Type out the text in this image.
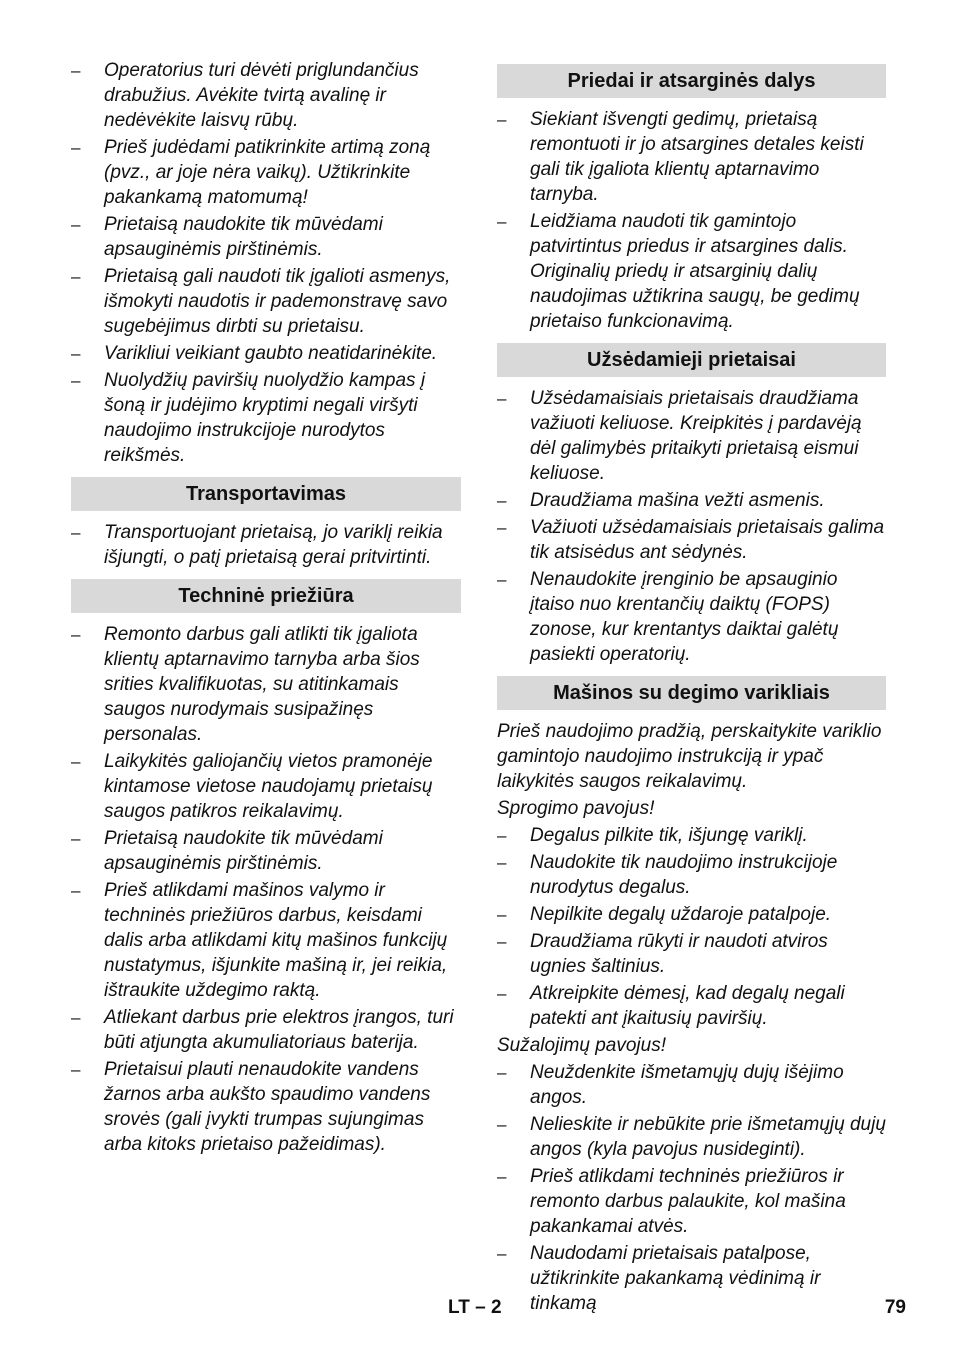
– Operatorius turi dėvėti priglundančius drabužius. Avėkite tvirtą avalinę ir nedėvėkite laisvų rūbų.
– Prieš judėdami patikrinkite artimą zoną (pvz., ar joje nėra vaikų). Užtikrinkite pakankamą matomumą!
– Prietaisą naudokite tik mūvėdami apsauginėmis pirštinėmis.
– Prietaisą gali naudoti tik įgalioti asmenys, išmokyti naudotis ir pademonstravę savo sugebėjimus dirbti su prietaisu.
– Varikliui veikiant gaubto neatidarinėkite.
– Nuolydžių paviršių nuolydžio kampas į šoną ir judėjimo kryptimi negali viršyti naudojimo instrukcijoje nurodytos reikšmės.
Transportavimas
– Transportuojant prietaisą, jo variklį reikia išjungti, o patį prietaisą gerai pritvirtinti.
Techninė priežiūra
– Remonto darbus gali atlikti tik įgaliota klientų aptarnavimo tarnyba arba šios srities kvalifikuotas, su atitinkamais saugos nurodymais susipažinęs personalas.
– Laikykitės galiojančių vietos pramonėje kintamose vietose naudojamų prietaisų saugos patikros reikalavimų.
– Prietaisą naudokite tik mūvėdami apsauginėmis pirštinėmis.
– Prieš atlikdami mašinos valymo ir techninės priežiūros darbus, keisdami dalis arba atlikdami kitų mašinos funkcijų nustatymus, išjunkite mašiną ir, jei reikia, ištraukite uždegimo raktą.
– Atliekant darbus prie elektros įrangos, turi būti atjungta akumuliatoriaus baterija.
– Prietaisui plauti nenaudokite vandens žarnos arba aukšto spaudimo vandens srovės (gali įvykti trumpas sujungimas arba kitoks prietaiso pažeidimas).
Priedai ir atsarginės dalys
– Siekiant išvengti gedimų, prietaisą remontuoti ir jo atsargines detales keisti gali tik įgaliota klientų aptarnavimo tarnyba.
– Leidžiama naudoti tik gamintojo patvirtintus priedus ir atsargines dalis. Originalių priedų ir atsarginių dalių naudojimas užtikrina saugų, be gedimų prietaiso funkcionavimą.
Užsėdamieji prietaisai
– Užsėdamaisiais prietaisais draudžiama važiuoti keliuose. Kreipkitės į pardavėją dėl galimybės pritaikyti prietaisą eismui keliuose.
– Draudžiama mašina vežti asmenis.
– Važiuoti užsėdamaisiais prietaisais galima tik atsisėdus ant sėdynės.
– Nenaudokite įrenginio be apsauginio įtaiso nuo krentančių daiktų (FOPS) zonose, kur krentantys daiktai galėtų pasiekti operatorių.
Mašinos su degimo varikliais

Prieš naudojimo pradžią, perskaitykite variklio gamintojo naudojimo instrukciją ir ypač laikykitės saugos reikalavimų.

Sprogimo pavojus!

– Degalus pilkite tik, išjungę variklį.
– Naudokite tik naudojimo instrukcijoje nurodytus degalus.
– Nepilkite degalų uždaroje patalpoje.
– Draudžiama rūkyti ir naudoti atviros ugnies šaltinius.
– Atkreipkite dėmesį, kad degalų negali patekti ant įkaitusių paviršių.

Sužalojimų pavojus!

– Neuždenkite išmetamųjų dujų išėjimo angos.
– Nelieskite ir nebūkite prie išmetamųjų dujų angos (kyla pavojus nusideginti).
– Prieš atlikdami techninės priežiūros ir remonto darbus palaukite, kol mašina pakankamai atvės.
– Naudodami prietaisais patalpose, užtikrinkite pakankamą vėdinimą ir tinkamą
LT – 2	79
